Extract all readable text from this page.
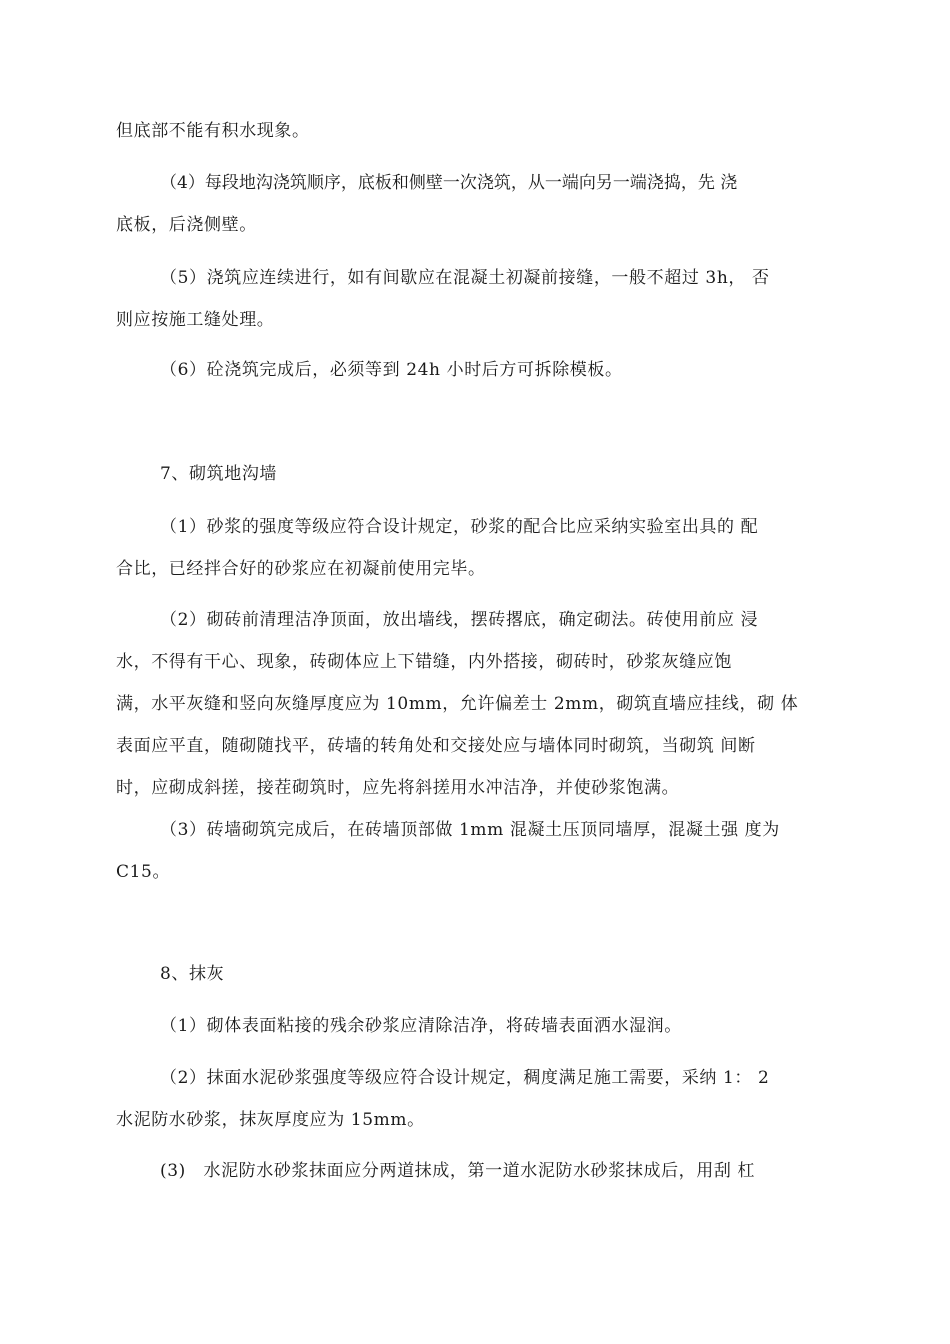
但底部不能有积水现象。
（4）每段地沟浇筑顺序，底板和侧壁一次浇筑，从一端向另一端浇捣，先 浇
底板，后浇侧壁。
（5）浇筑应连续进行，如有间歇应在混凝土初凝前接缝，一般不超过 3h， 否
则应按施工缝处理。
（6）砼浇筑完成后，必须等到 24h 小时后方可拆除模板。
7、砌筑地沟墙
（1）砂浆的强度等级应符合设计规定，砂浆的配合比应采纳实验室出具的 配
合比，已经拌合好的砂浆应在初凝前使用完毕。
（2）砌砖前清理洁净顶面，放出墙线，摆砖撂底，确定砌法。砖使用前应 浸
水，不得有干心、现象，砖砌体应上下错缝，内外搭接，砌砖时，砂浆灰缝应饱
满，水平灰缝和竖向灰缝厚度应为 10mm，允许偏差士 2mm，砌筑直墙应挂线，砌 体
表面应平直，随砌随找平，砖墙的转角处和交接处应与墙体同时砌筑，当砌筑 间断
时，应砌成斜搓，接茬砌筑时，应先将斜搓用水冲洁净，并使砂浆饱满。
（3）砖墙砌筑完成后，在砖墙顶部做 1mm 混凝土压顶同墙厚，混凝土强 度为
C15。
8、抹灰
（1）砌体表面粘接的残余砂浆应清除洁净，将砖墙表面洒水湿润。
（2）抹面水泥砂浆强度等级应符合设计规定，稠度满足施工需要，采纳 1： 2
水泥防水砂浆，抹灰厚度应为 15mm。
(3)　水泥防水砂浆抹面应分两道抹成，第一道水泥防水砂浆抹成后，用刮 杠
